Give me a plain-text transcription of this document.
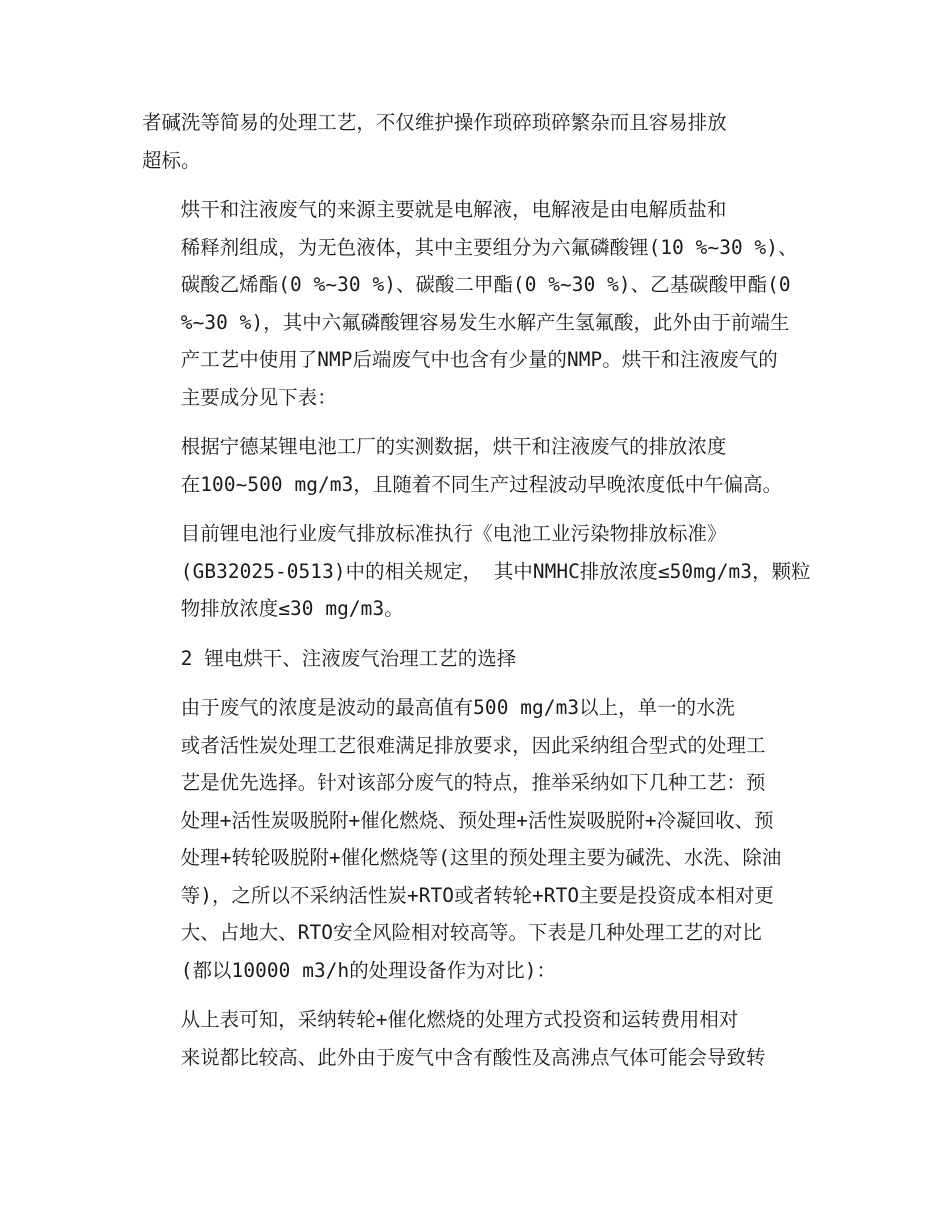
者碱洗等简易的处理工艺，不仅维护操作琐碎琐碎繁杂而且容易排放
超标。

烘干和注液废气的来源主要就是电解液，电解液是由电解质盐和
稀释剂组成，为无色液体，其中主要组分为六氟磷酸锂(10 %~30 %)、
碳酸乙烯酯(0 %~30 %)、碳酸二甲酯(0 %~30 %)、乙基碳酸甲酯(0
%~30 %)，其中六氟磷酸锂容易发生水解产生氢氟酸，此外由于前端生
产工艺中使用了NMP后端废气中也含有少量的NMP。烘干和注液废气的
主要成分见下表：

根据宁德某锂电池工厂的实测数据，烘干和注液废气的排放浓度
在100~500 mg/m3，且随着不同生产过程波动早晚浓度低中午偏高。

目前锂电池行业废气排放标准执行《电池工业污染物排放标准》
(GB32025-0513)中的相关规定， 其中NMHC排放浓度≤50mg/m3，颗粒
物排放浓度≤30 mg/m3。

2 锂电烘干、注液废气治理工艺的选择

由于废气的浓度是波动的最高值有500 mg/m3以上，单一的水洗
或者活性炭处理工艺很难满足排放要求，因此采纳组合型式的处理工
艺是优先选择。针对该部分废气的特点，推举采纳如下几种工艺：预
处理+活性炭吸脱附+催化燃烧、预处理+活性炭吸脱附+冷凝回收、预
处理+转轮吸脱附+催化燃烧等(这里的预处理主要为碱洗、水洗、除油
等)，之所以不采纳活性炭+RTO或者转轮+RTO主要是投资成本相对更
大、占地大、RTO安全风险相对较高等。下表是几种处理工艺的对比
(都以10000 m3/h的处理设备作为对比)：

从上表可知，采纳转轮+催化燃烧的处理方式投资和运转费用相对
来说都比较高、此外由于废气中含有酸性及高沸点气体可能会导致转
